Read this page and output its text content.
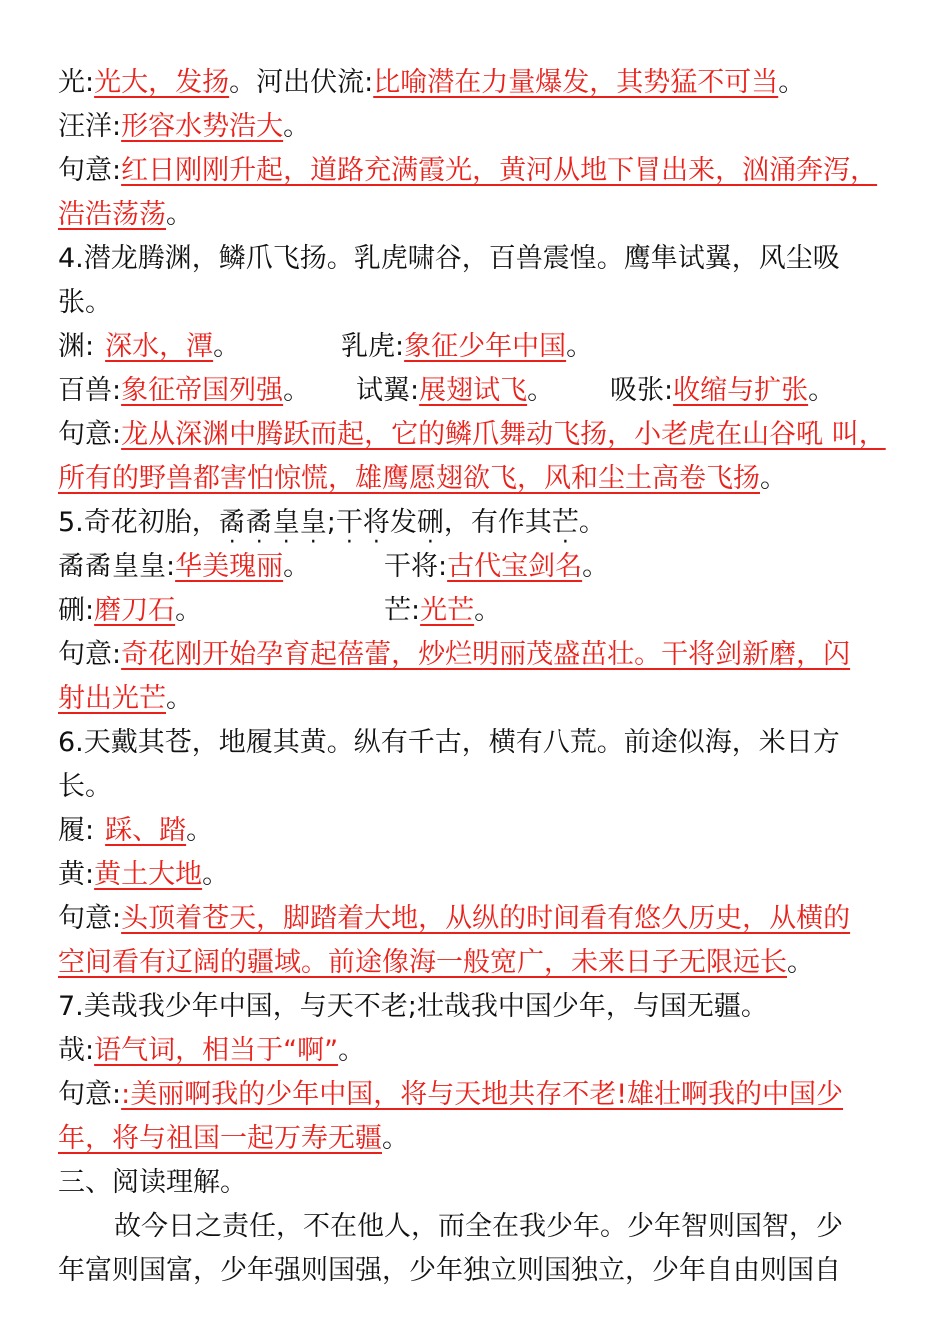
光:光大，发扬。河出伏流:比喻潜在力量爆发，其势猛不可当。
汪洋:形容水势浩大。
句意:红日刚刚升起，道路充满霞光，黄河从地下冒出来，汹涌奔泻，
浩浩荡荡。
4.潜龙腾渊，鳞爪飞扬。乳虎啸谷，百兽震惶。鹰隼试翼，风尘吸
张。
渊: 深水，潭。	乳虎:象征少年中国。
百兽:象征帝国列强。 试翼:展翅试飞。 吸张:收缩与扩张。
句意:龙从深渊中腾跃而起，它的鳞爪舞动飞扬，小老虎在山谷吼 叫，
所有的野兽都害怕惊慌，雄鹰愿翅欲飞，风和尘土高卷飞扬。
5.奇花初胎，矞矞皇皇;干将发硎，有作其芒。
矞矞皇皇:华美瑰丽。	干将:古代宝剑名。
硎:磨刀石。	芒:光芒。
句意:奇花刚开始孕育起蓓蕾，炒烂明丽茂盛茁壮。干将剑新磨，闪
射出光芒。
6.天戴其苍，地履其黄。纵有千古，横有八荒。前途似海，米日方
长。
履: 踩、踏。
黄:黄土大地。
句意:头顶着苍天，脚踏着大地，从纵的时间看有悠久历史，从横的
空间看有辽阔的疆域。前途像海一般宽广，未来日子无限远长。
7.美哉我少年中国，与天不老;壮哉我中国少年，与国无疆。
哉:语气词，相当于“啊”。
句意::美丽啊我的少年中国，将与天地共存不老!雄壮啊我的中国少
年，将与祖国一起万寿无疆。
三、阅读理解。
故今日之责任，不在他人，而全在我少年。少年智则国智，少
年富则国富，少年强则国强，少年独立则国独立，少年自由则国自
